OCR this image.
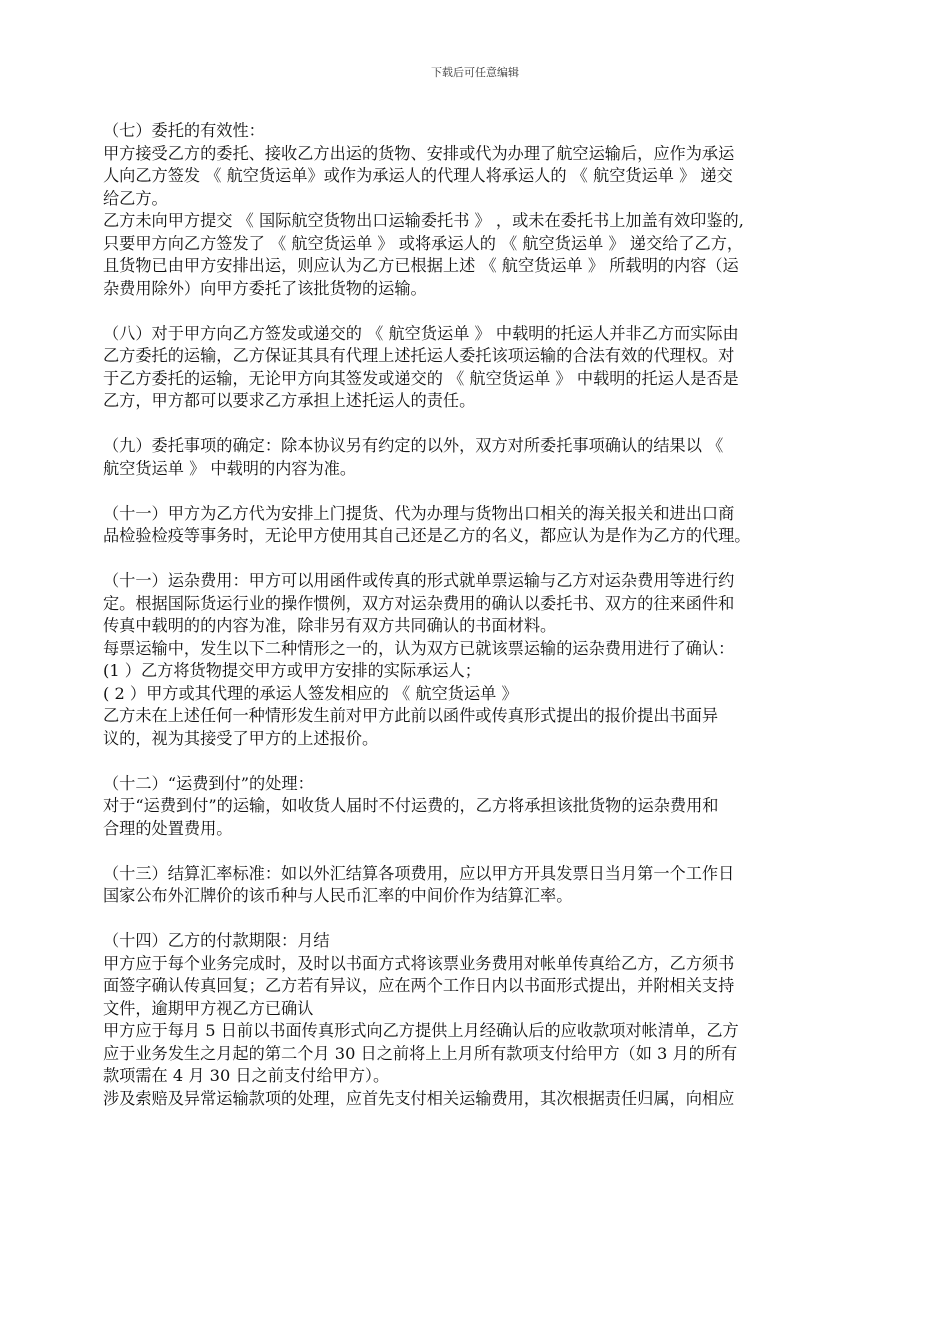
下载后可任意编辑
（七）委托的有效性：
甲方接受乙方的委托、接收乙方出运的货物、安排或代为办理了航空运输后，应作为承运
人向乙方签发 《 航空货运单》或作为承运人的代理人将承运人的 《 航空货运单 》 递交
给乙方。
乙方未向甲方提交 《 国际航空货物出口运输委托书 》 ，或未在委托书上加盖有效印鉴的,
只要甲方向乙方签发了 《 航空货运单 》 或将承运人的 《 航空货运单 》 递交给了乙方，
且货物已由甲方安排出运，则应认为乙方已根据上述 《 航空货运单 》 所载明的内容（运
杂费用除外）向甲方委托了该批货物的运输。
（八）对于甲方向乙方签发或递交的 《 航空货运单 》 中载明的托运人并非乙方而实际由
乙方委托的运输，乙方保证其具有代理上述托运人委托该项运输的合法有效的代理权。对
于乙方委托的运输，无论甲方向其签发或递交的 《 航空货运单 》 中载明的托运人是否是
乙方，甲方都可以要求乙方承担上述托运人的责任。
（九）委托事项的确定：除本协议另有约定的以外，双方对所委托事项确认的结果以 《
航空货运单 》 中载明的内容为准。
（十一）甲方为乙方代为安排上门提货、代为办理与货物出口相关的海关报关和进出口商
品检验检疫等事务时，无论甲方使用其自己还是乙方的名义，都应认为是作为乙方的代理。
（十一）运杂费用：甲方可以用函件或传真的形式就单票运输与乙方对运杂费用等进行约
定。根据国际货运行业的操作惯例，双方对运杂费用的确认以委托书、双方的往来函件和
传真中载明的的内容为准，除非另有双方共同确认的书面材料。
每票运输中，发生以下二种情形之一的，认为双方已就该票运输的运杂费用进行了确认：
(1 ）乙方将货物提交甲方或甲方安排的实际承运人；
( 2 ）甲方或其代理的承运人签发相应的 《 航空货运单 》
乙方未在上述任何一种情形发生前对甲方此前以函件或传真形式提出的报价提出书面异
议的，视为其接受了甲方的上述报价。
（十二）“运费到付”的处理：
对于“运费到付”的运输，如收货人届时不付运费的，乙方将承担该批货物的运杂费用和
合理的处置费用。
（十三）结算汇率标准：如以外汇结算各项费用，应以甲方开具发票日当月第一个工作日
国家公布外汇牌价的该币种与人民币汇率的中间价作为结算汇率。
（十四）乙方的付款期限：月结
甲方应于每个业务完成时，及时以书面方式将该票业务费用对帐单传真给乙方，乙方须书
面签字确认传真回复；乙方若有异议，应在两个工作日内以书面形式提出，并附相关支持
文件，逾期甲方视乙方已确认
甲方应于每月 5 日前以书面传真形式向乙方提供上月经确认后的应收款项对帐清单，乙方
应于业务发生之月起的第二个月 30 日之前将上上月所有款项支付给甲方（如 3 月的所有
款项需在 4 月 30 日之前支付给甲方）。
涉及索赔及异常运输款项的处理，应首先支付相关运输费用，其次根据责任归属，向相应
